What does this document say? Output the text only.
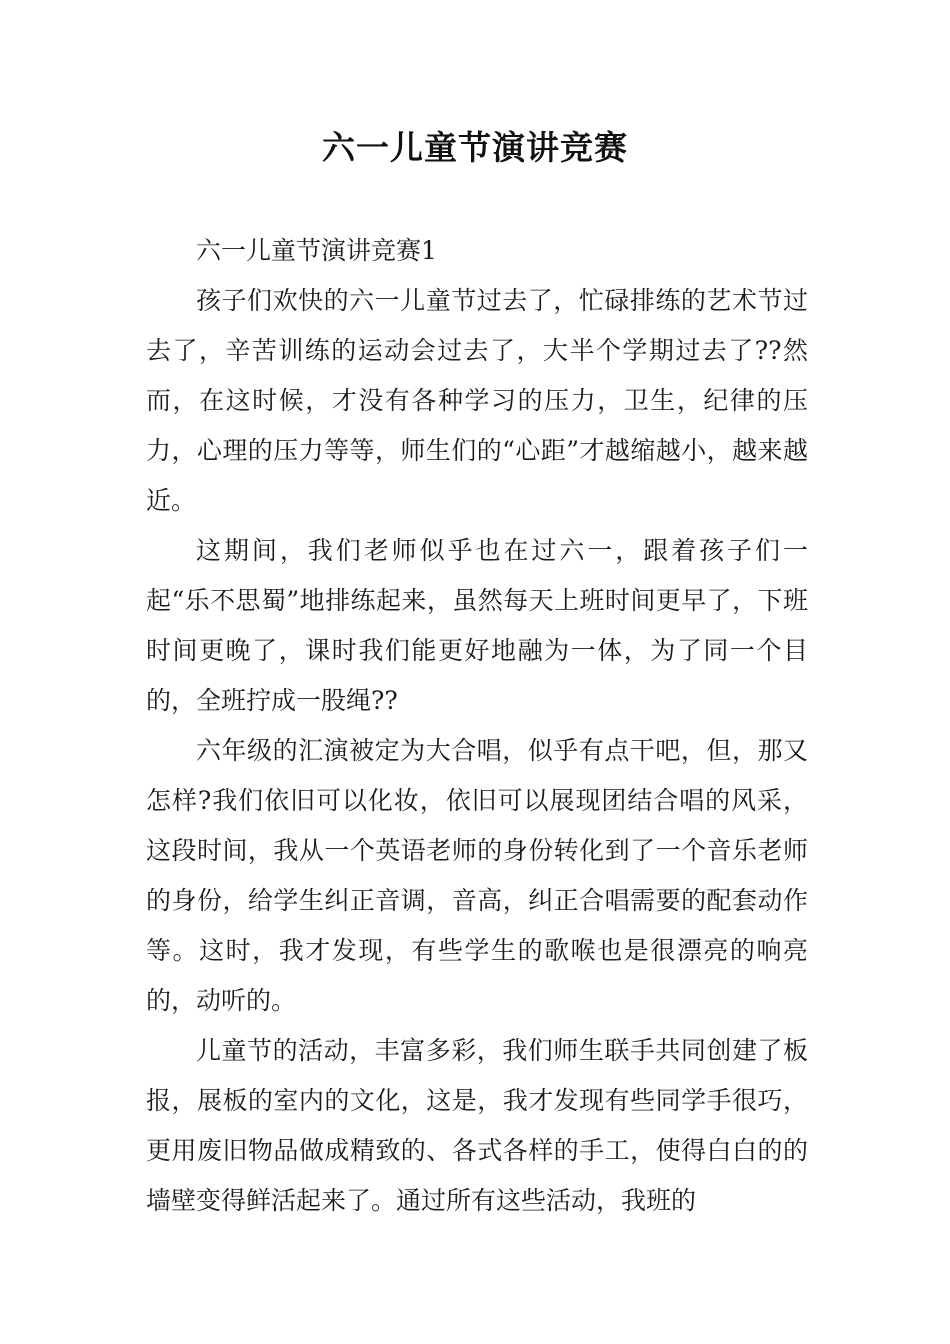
六一儿童节演讲竞赛

六一儿童节演讲竞赛1

孩子们欢快的六一儿童节过去了，忙碌排练的艺术节过去了，辛苦训练的运动会过去了，大半个学期过去了??然而，在这时候，才没有各种学习的压力，卫生，纪律的压力，心理的压力等等，师生们的“心距”才越缩越小，越来越近。

这期间，我们老师似乎也在过六一，跟着孩子们一起“乐不思蜀”地排练起来，虽然每天上班时间更早了，下班时间更晚了，课时我们能更好地融为一体，为了同一个目的，全班拧成一股绳??

六年级的汇演被定为大合唱，似乎有点干吧，但，那又怎样?我们依旧可以化妆，依旧可以展现团结合唱的风采，这段时间，我从一个英语老师的身份转化到了一个音乐老师的身份，给学生纠正音调，音高，纠正合唱需要的配套动作等。这时，我才发现，有些学生的歌喉也是很漂亮的响亮的，动听的。

儿童节的活动，丰富多彩，我们师生联手共同创建了板报，展板的室内的文化，这是，我才发现有些同学手很巧，更用废旧物品做成精致的、各式各样的手工，使得白白的的墙壁变得鲜活起来了。通过所有这些活动，我班的
